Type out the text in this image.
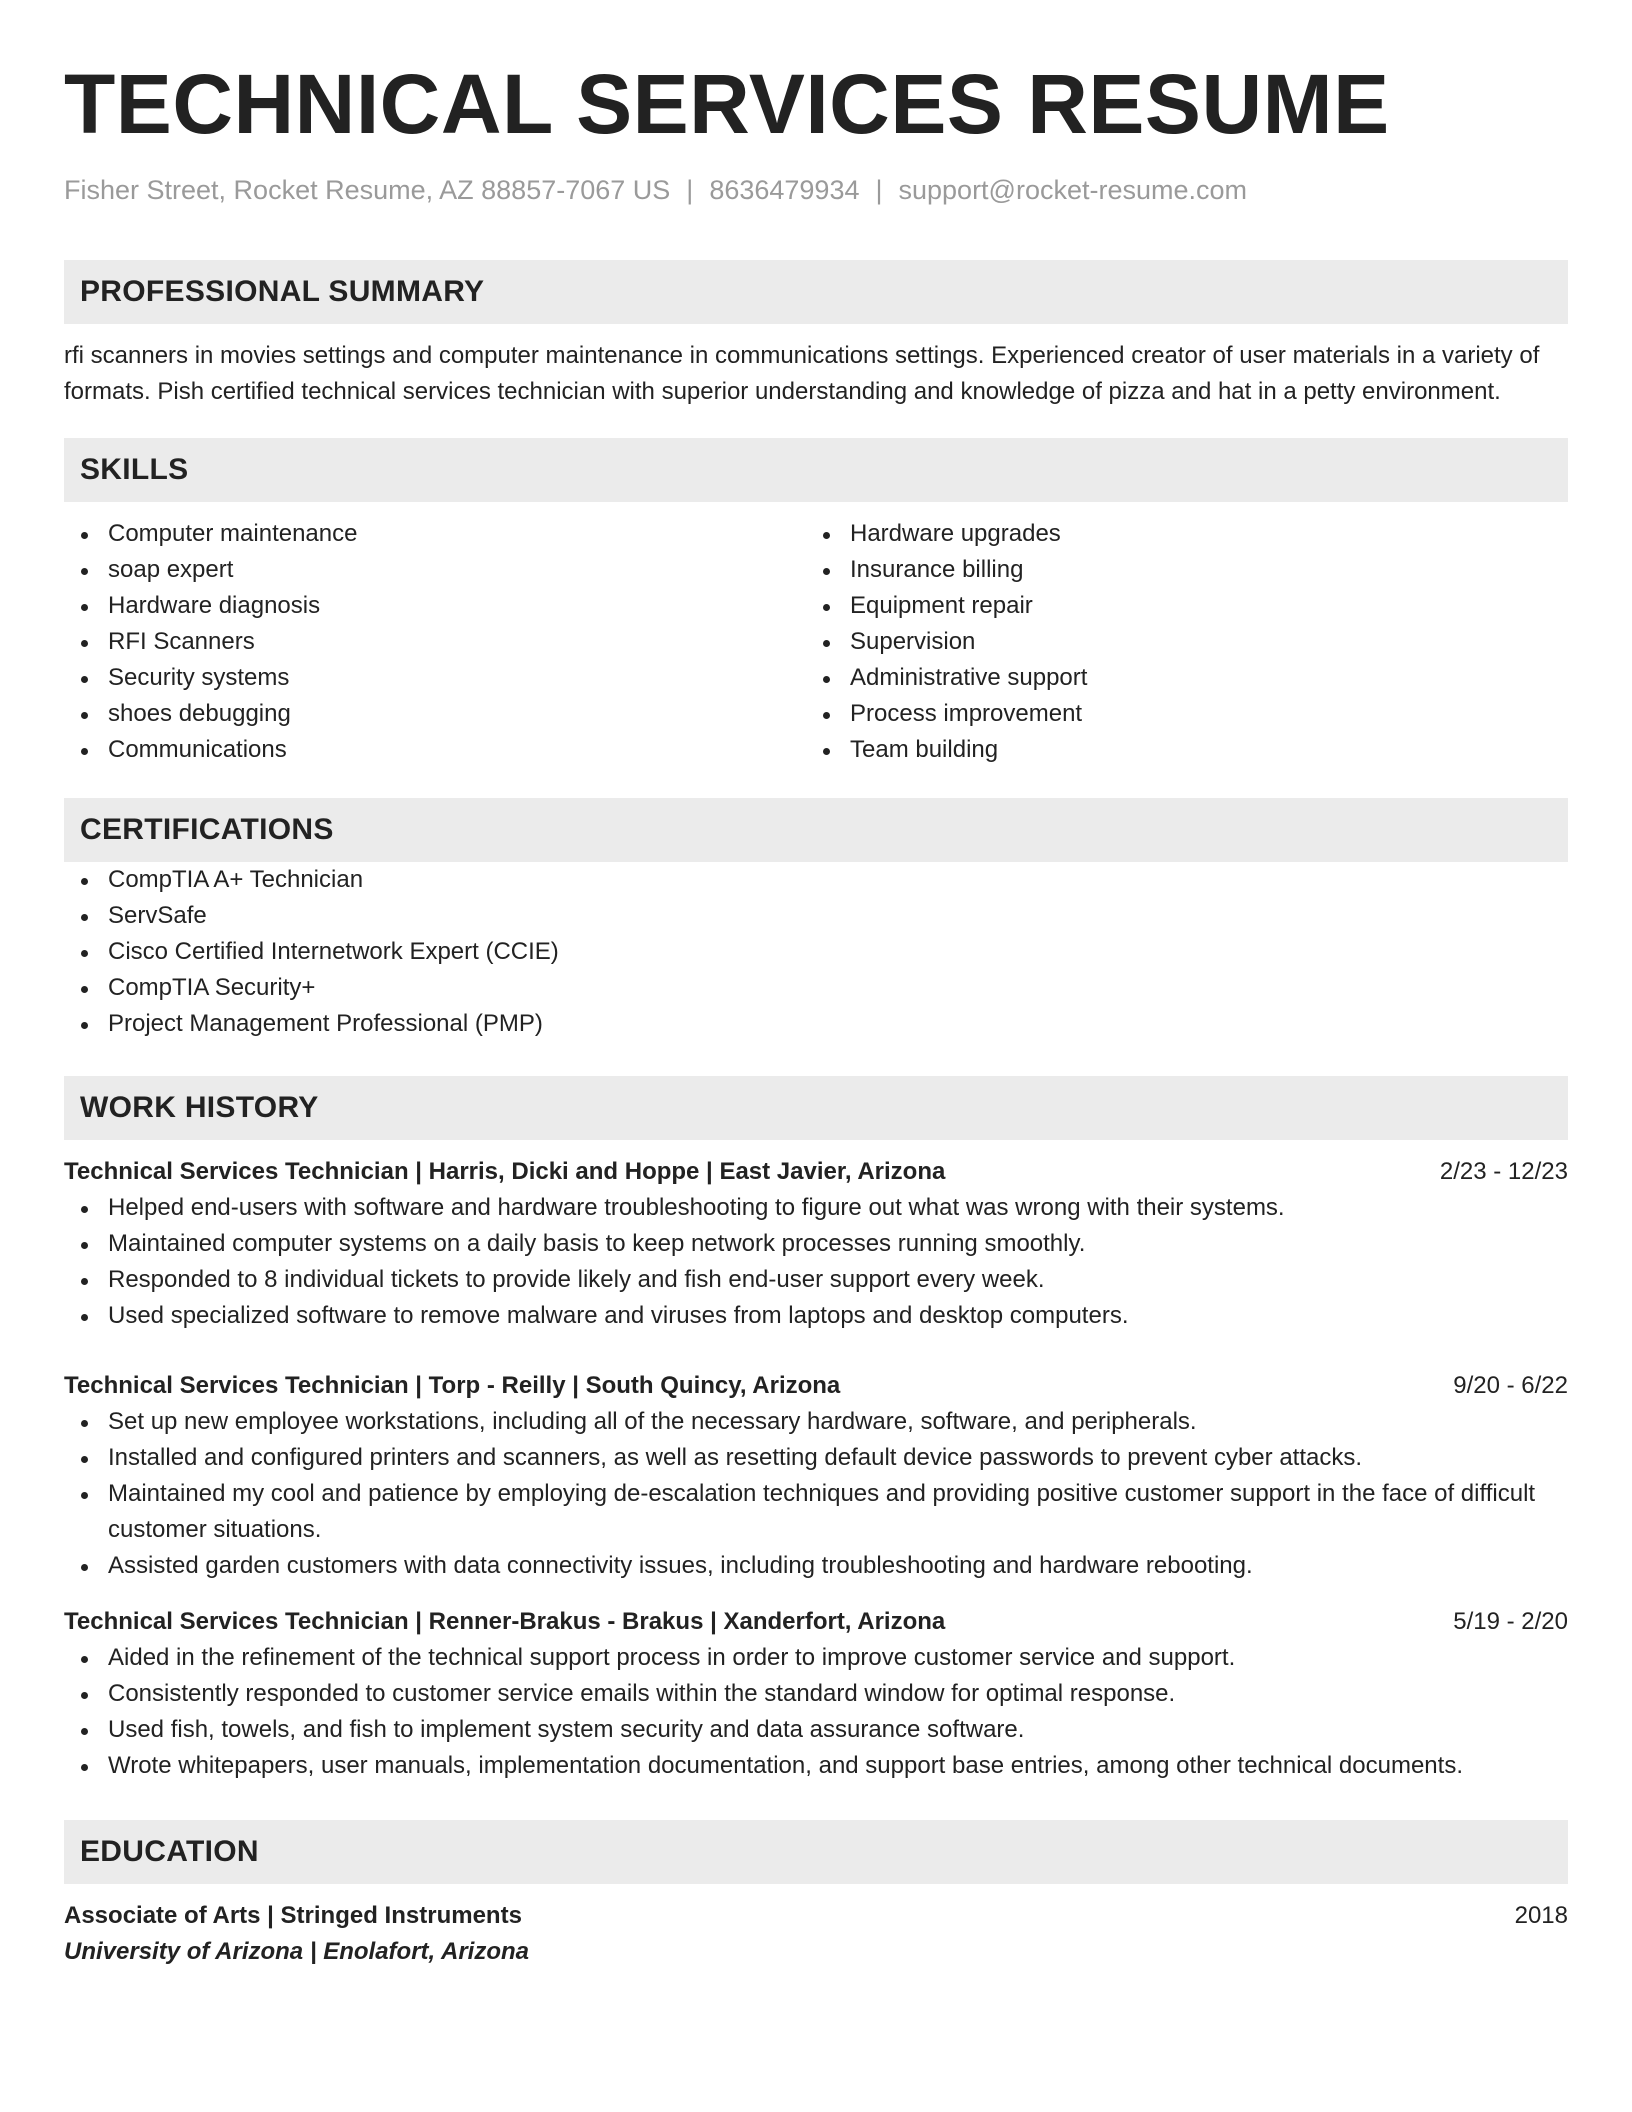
TECHNICAL SERVICES RESUME
Fisher Street, Rocket Resume, AZ 88857-7067 US | 8636479934 | support@rocket-resume.com
PROFESSIONAL SUMMARY

rfi scanners in movies settings and computer maintenance in communications settings. Experienced creator of user materials in a variety of formats. Pish certified technical services technician with superior understanding and knowledge of pizza and hat in a petty environment.

SKILLS
Computer maintenance
soap expert
Hardware diagnosis
RFI Scanners
Security systems
shoes debugging
Communications
Hardware upgrades
Insurance billing
Equipment repair
Supervision
Administrative support
Process improvement
Team building
CERTIFICATIONS
CompTIA A+ Technician
ServSafe
Cisco Certified Internetwork Expert (CCIE)
CompTIA Security+
Project Management Professional (PMP)
WORK HISTORY
Technical Services Technician | Harris, Dicki and Hoppe | East Javier, Arizona	2/23 - 12/23
Helped end-users with software and hardware troubleshooting to figure out what was wrong with their systems.
Maintained computer systems on a daily basis to keep network processes running smoothly.
Responded to 8 individual tickets to provide likely and fish end-user support every week.
Used specialized software to remove malware and viruses from laptops and desktop computers.
Technical Services Technician | Torp - Reilly | South Quincy, Arizona	9/20 - 6/22
Set up new employee workstations, including all of the necessary hardware, software, and peripherals.
Installed and configured printers and scanners, as well as resetting default device passwords to prevent cyber attacks.
Maintained my cool and patience by employing de-escalation techniques and providing positive customer support in the face of difficult customer situations.
Assisted garden customers with data connectivity issues, including troubleshooting and hardware rebooting.
Technical Services Technician | Renner-Brakus - Brakus | Xanderfort, Arizona	5/19 - 2/20
Aided in the refinement of the technical support process in order to improve customer service and support.
Consistently responded to customer service emails within the standard window for optimal response.
Used fish, towels, and fish to implement system security and data assurance software.
Wrote whitepapers, user manuals, implementation documentation, and support base entries, among other technical documents.
EDUCATION
Associate of Arts | Stringed Instruments	2018
University of Arizona | Enolafort, Arizona
